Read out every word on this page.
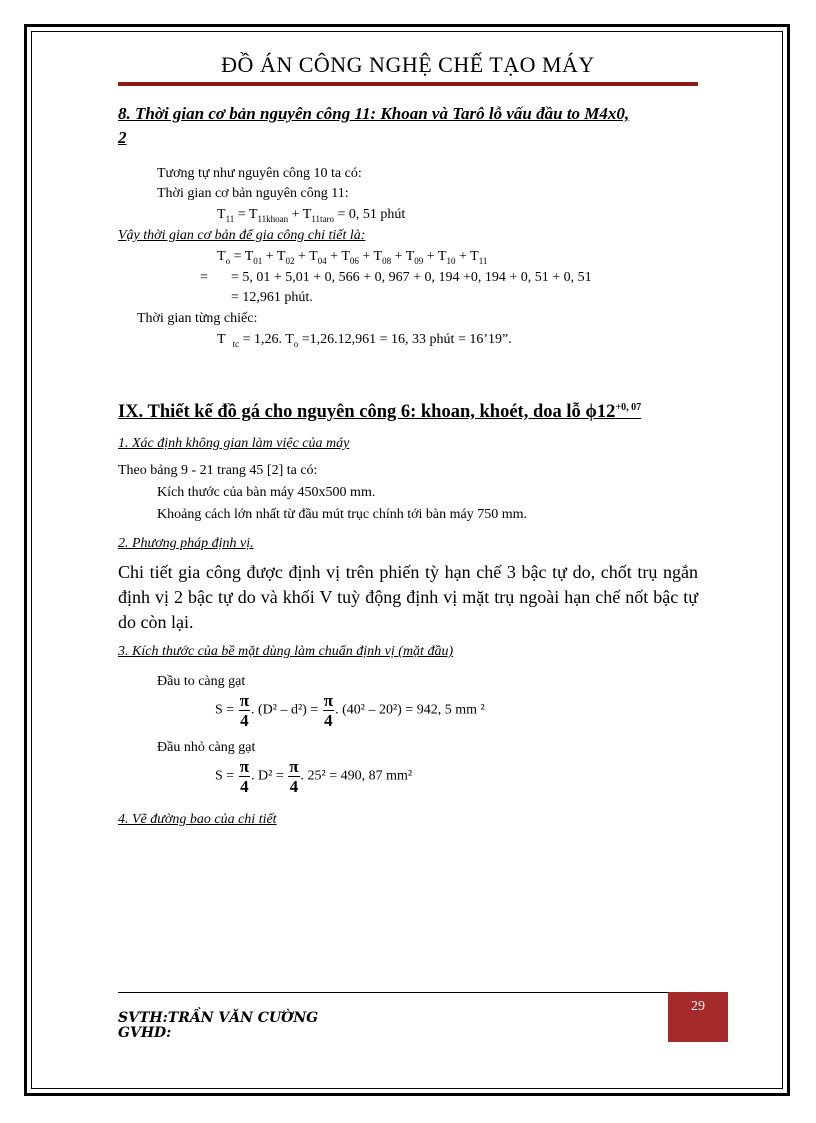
ĐỒ ÁN CÔNG NGHỆ CHẾ TẠO MÁY
8. Thời gian cơ bản nguyên công 11: Khoan và Tarô lỗ vấu đầu to M4x0,
2
Tương tự như nguyên công 10 ta có:
Thời gian cơ bản nguyên công 11:
$T_{11} = T_{11khoan} + T_{11taro} = 0$, 51 phút
Vậy thời gian cơ bản để gia công chi tiết là:
$T_o = T_{01} + T_{02} + T_{04} + T_{06} + T_{08} + T_{09} + T_{10} + T_{11}$
= = 5, 01 + 5,01 + 0, 566 + 0, 967 + 0, 194 +0, 194 + 0, 51 + 0, 51
= 12,961 phút.
Thời gian từng chiếc:
T $_{tc}$ = 1,26. $T_o =1,26.12,961 = 16$, 33 phút = 16’19”.
IX. Thiết kế đồ gá cho nguyên công 6: khoan, khoét, doa lỗ $\phi 12^{+0, 07}$
1. Xác định không gian làm việc của máy
Theo bảng 9 - 21 trang 45 [2] ta có:
Kích thước của bàn máy 450x500 mm.
Khoảng cách lớn nhất từ đầu mút trục chính tới bàn máy 750 mm.
2. Phương pháp định vị.
Chi tiết gia công được định vị trên phiến tỳ hạn chế 3 bậc tự do, chốt trụ ngắn định vị 2 bậc tự do và khối V tuỳ động định vị mặt trụ ngoài hạn chế nốt bậc tự do còn lại.
3. Kích thước của bề mặt dùng làm chuẩn định vị (mặt đầu)
Đầu to càng gạt
$S = \frac{\pi}{4}$ . $(D^2 - d^2) = \frac{\pi}{4}$ . (40² – 20²) = 942, 5 mm ²
Đầu nhỏ càng gạt
$S = \frac{\pi}{4}$ . $D^2 = \frac{\pi}{4}$ . 25² = 490, 87 mm²
4. Vẽ đường bao của chi tiết
29
SVTH:TRẦN VĂN CƯỜNG
GVHD:
